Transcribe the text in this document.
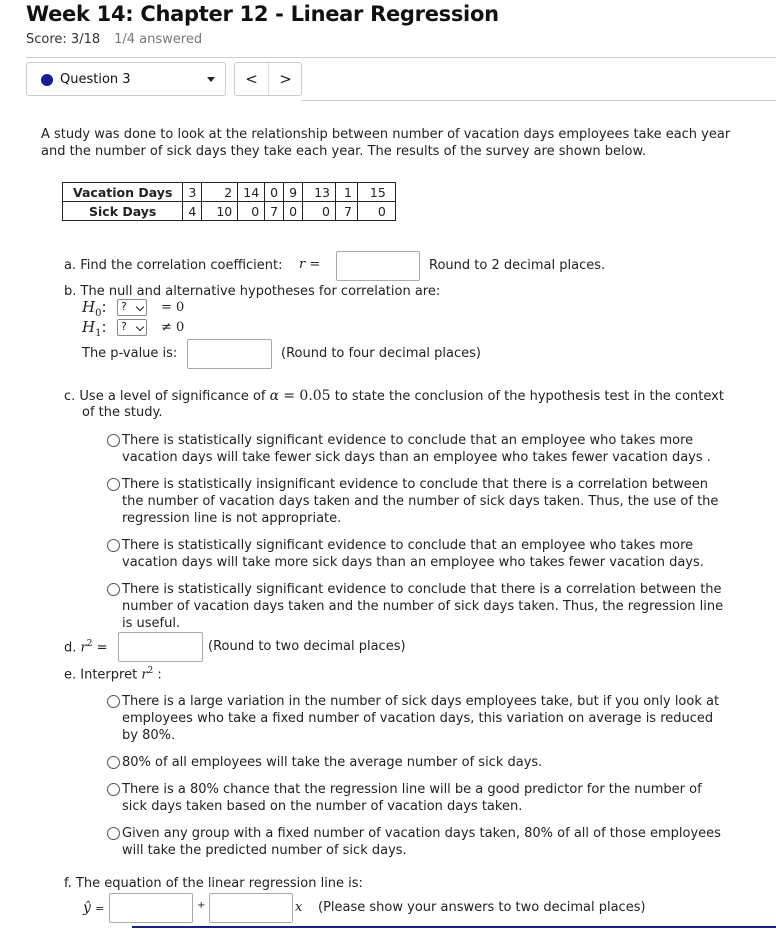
Week 14: Chapter 12 - Linear Regression
Score: 3/18 1/4 answered
Question 3	<	>
A study was done to look at the relationship between number of vacation days employees take each year and the number of sick days they take each year. The results of the survey are shown below.
Vacation Days	3	2	14	0	9	13	1	15
Sick Days	4	10	0	7	0	0	7	0
a. Find the correlation coefficient: r =	Round to 2 decimal places.
b. The null and alternative hypotheses for correlation are:
$H_0$: ?	= 0
$H_1$: ?	≠ 0
The p-value is:	(Round to four decimal places)
c. Use a level of significance of α = 0.05 to state the conclusion of the hypothesis test in the context
of the study.
There is statistically significant evidence to conclude that an employee who takes more vacation days will take fewer sick days than an employee who takes fewer vacation days .
There is statistically insignificant evidence to conclude that there is a correlation between the number of vacation days taken and the number of sick days taken. Thus, the use of the regression line is not appropriate.
There is statistically significant evidence to conclude that an employee who takes more vacation days will take more sick days than an employee who takes fewer vacation days.
There is statistically significant evidence to conclude that there is a correlation between the number of vacation days taken and the number of sick days taken. Thus, the regression line is useful.
d. $r^2$ =	(Round to two decimal places)
e. Interpret $r^2$ :
There is a large variation in the number of sick days employees take, but if you only look at employees who take a fixed number of vacation days, this variation on average is reduced by 80%.
80% of all employees will take the average number of sick days.
There is a 80% chance that the regression line will be a good predictor for the number of sick days taken based on the number of vacation days taken.
Given any group with a fixed number of vacation days taken, 80% of all of those employees will take the predicted number of sick days.
f. The equation of the linear regression line is:
ŷ =	+	x (Please show your answers to two decimal places)
